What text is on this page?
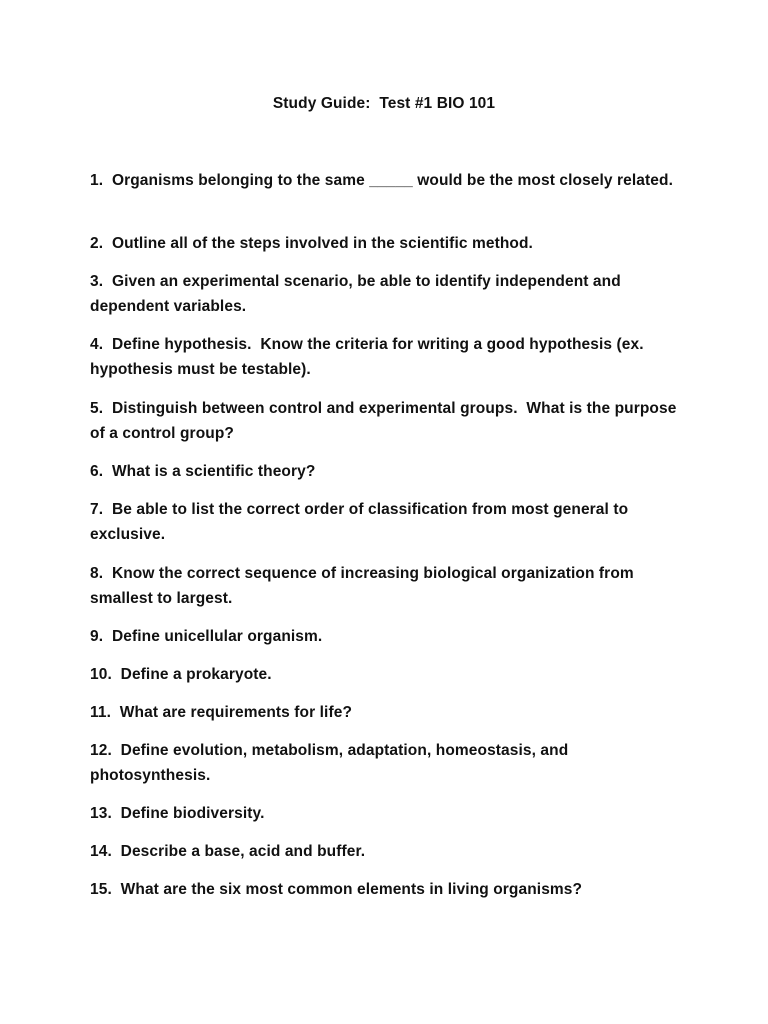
Study Guide:  Test #1 BIO 101
1.  Organisms belonging to the same _____ would be the most closely related.
2.  Outline all of the steps involved in the scientific method.
3.  Given an experimental scenario, be able to identify independent and dependent variables.
4.  Define hypothesis.  Know the criteria for writing a good hypothesis (ex. hypothesis must be testable).
5.  Distinguish between control and experimental groups.  What is the purpose of a control group?
6.  What is a scientific theory?
7.  Be able to list the correct order of classification from most general to exclusive.
8.  Know the correct sequence of increasing biological organization from smallest to largest.
9.  Define unicellular organism.
10.  Define a prokaryote.
11.  What are requirements for life?
12.  Define evolution, metabolism, adaptation, homeostasis, and photosynthesis.
13.  Define biodiversity.
14.  Describe a base, acid and buffer.
15.  What are the six most common elements in living organisms?
